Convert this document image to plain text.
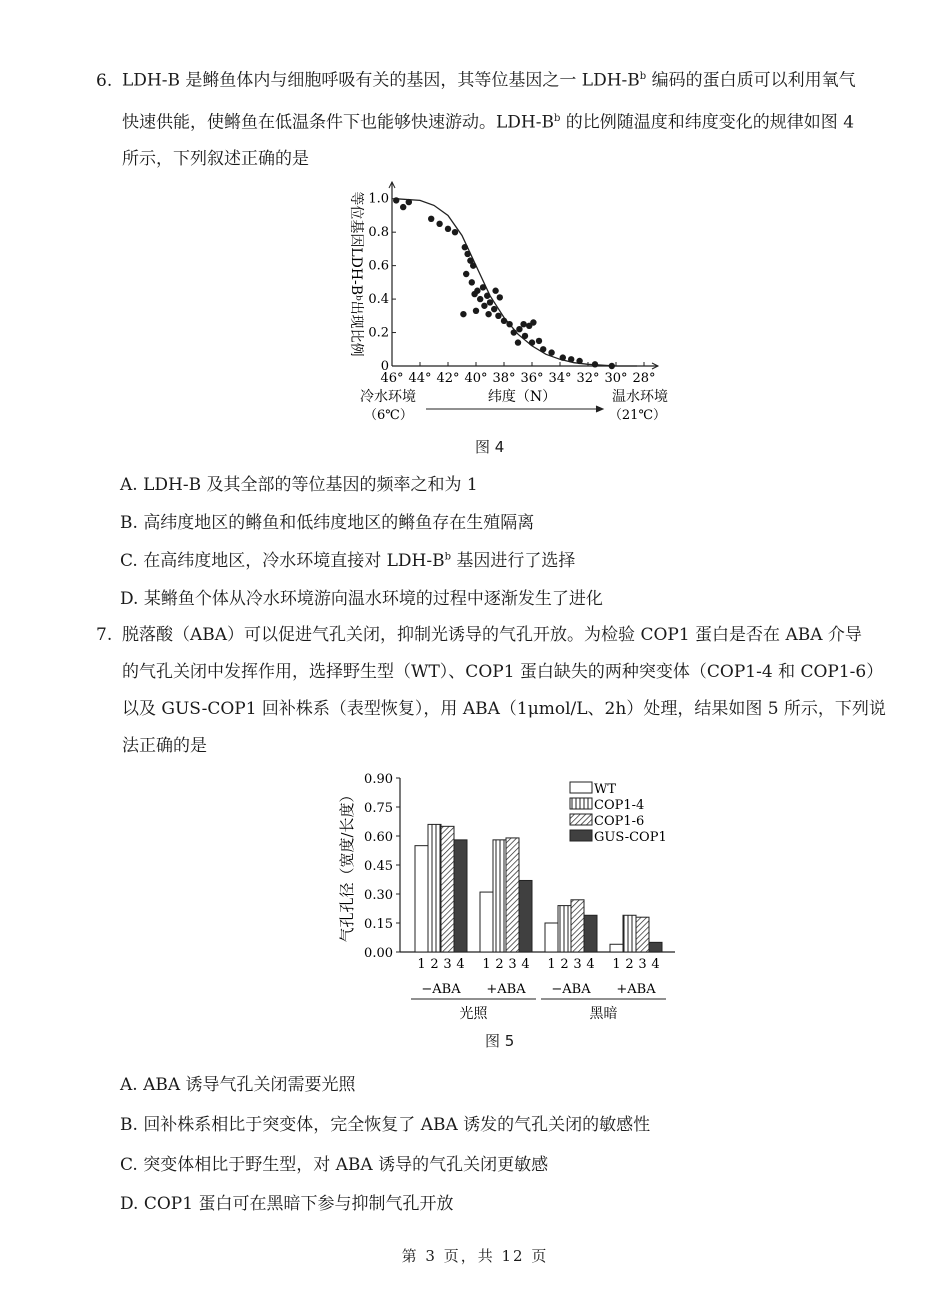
6. LDH-B 是鳉鱼体内与细胞呼吸有关的基因，其等位基因之一 LDH-$B^b$ 编码的蛋白质可以利用氧气

快速供能，使鳉鱼在低温条件下也能够快速游动。LDH-$B^b$ 的比例随温度和纬度变化的规律如图 4

所示，下列叙述正确的是

0
0.2
0.4
0.6
0.8
1.0
46° 44° 42° 40° 38° 36° 34° 32° 30° 28°
等位基因LDH-Bᵇ出现比例
冷水环境
（6℃）
纬度（N）	温水环境
（21℃）
图 4
A. LDH-B 及其全部的等位基因的频率之和为 1
B. 高纬度地区的鳉鱼和低纬度地区的鳉鱼存在生殖隔离
C. 在高纬度地区，冷水环境直接对 LDH-$B^b$ 基因进行了选择
D. 某鳉鱼个体从冷水环境游向温水环境的过程中逐渐发生了进化

7. 脱落酸（ABA）可以促进气孔关闭，抑制光诱导的气孔开放。为检验 COP1 蛋白是否在 ABA 介导

的气孔关闭中发挥作用，选择野生型（WT）、COP1 蛋白缺失的两种突变体（COP1-4 和 COP1-6）

以及 GUS-COP1 回补株系（表型恢复），用 ABA（1μmol/L、2h）处理，结果如图 5 所示，下列说

法正确的是

0.00
0.15
0.30
0.45
0.60
0.75
0.90
气孔孔径（宽度/长度）
1 2 3 4
−ABA
1 2 3 4
+ABA
1 2 3 4
−ABA
1 2 3 4
+ABA
光照	黑暗
WT
COP1-4
COP1-6
GUS-COP1
图 5
A. ABA 诱导气孔关闭需要光照
B. 回补株系相比于突变体，完全恢复了 ABA 诱发的气孔关闭的敏感性
C. 突变体相比于野生型，对 ABA 诱导的气孔关闭更敏感
D. COP1 蛋白可在黑暗下参与抑制气孔开放
第 3 页，共 12 页
